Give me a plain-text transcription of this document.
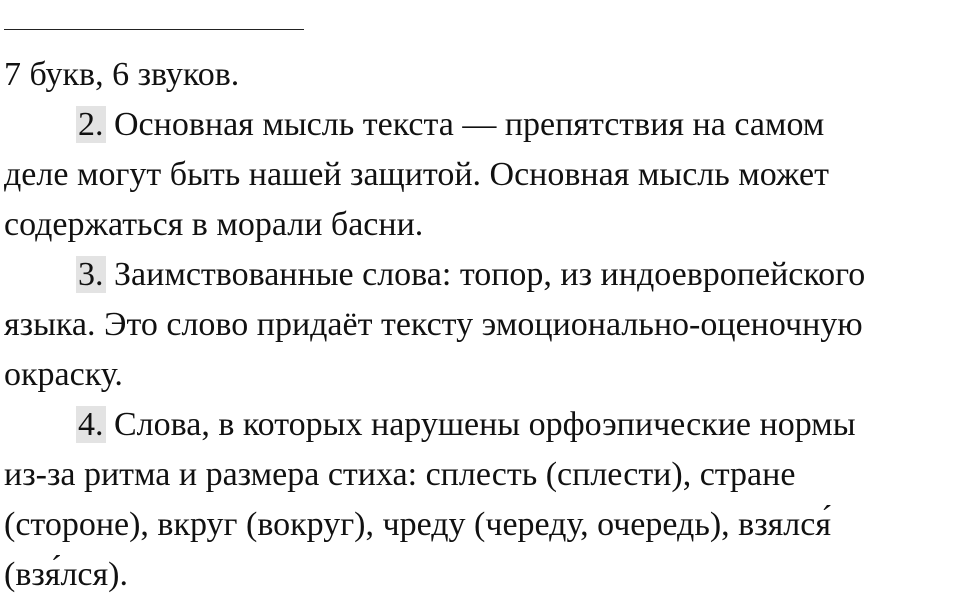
7 букв, 6 звуков.
2. Основная мысль текста — препятствия на самом
деле могут быть нашей защитой. Основная мысль может
содержаться в морали басни.
3. Заимствованные слова: топор, из индоевропейского
языка. Это слово придаёт тексту эмоционально-оценочную
окраску.
4. Слова, в которых нарушены орфоэпические нормы
из-за ритма и размера стиха: сплесть (сплести), стране
(стороне), вкруг (вокруг), чреду (череду, очередь), взялся́
(взя́лся).
